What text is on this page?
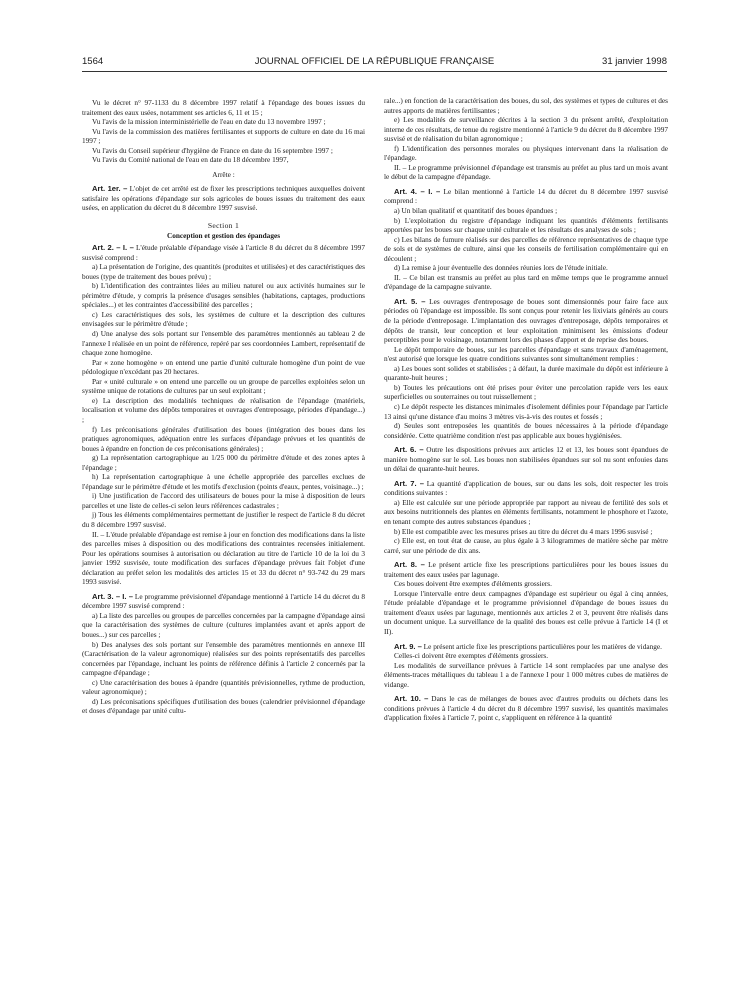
1564	JOURNAL OFFICIEL DE LA RÉPUBLIQUE FRANÇAISE	31 janvier 1998

Vu le décret n° 97-1133 du 8 décembre 1997 relatif à l'épandage des boues issues du traitement des eaux usées, notamment ses articles 6, 11 et 15 ;

Vu l'avis de la mission interministérielle de l'eau en date du 13 novembre 1997 ;

Vu l'avis de la commission des matières fertilisantes et supports de culture en date du 16 mai 1997 ;

Vu l'avis du Conseil supérieur d'hygiène de France en date du 16 septembre 1997 ;

Vu l'avis du Comité national de l'eau en date du 18 décembre 1997,

Arrête :

Art. 1er. – L'objet de cet arrêté est de fixer les prescriptions techniques auxquelles doivent satisfaire les opérations d'épandage sur sols agricoles de boues issues du traitement des eaux usées, en application du décret du 8 décembre 1997 susvisé.

Section 1

Conception et gestion des épandages

Art. 2. – I. – L'étude préalable d'épandage visée à l'article 8 du décret du 8 décembre 1997 susvisé comprend :

a) La présentation de l'origine, des quantités (produites et utilisées) et des caractéristiques des boues (type de traitement des boues prévu) ;

b) L'identification des contraintes liées au milieu naturel ou aux activités humaines sur le périmètre d'étude, y compris la présence d'usages sensibles (habitations, captages, productions spéciales...) et les contraintes d'accessibilité des parcelles ;

c) Les caractéristiques des sols, les systèmes de culture et la description des cultures envisagées sur le périmètre d'étude ;

d) Une analyse des sols portant sur l'ensemble des paramètres mentionnés au tableau 2 de l'annexe I réalisée en un point de référence, repéré par ses coordonnées Lambert, représentatif de chaque zone homogène.

Par « zone homogène » on entend une partie d'unité culturale homogène d'un point de vue pédologique n'excédant pas 20 hectares.

Par « unité culturale » on entend une parcelle ou un groupe de parcelles exploitées selon un système unique de rotations de cultures par un seul exploitant ;

e) La description des modalités techniques de réalisation de l'épandage (matériels, localisation et volume des dépôts temporaires et ouvrages d'entreposage, périodes d'épandage...) ;

f) Les préconisations générales d'utilisation des boues (intégration des boues dans les pratiques agronomiques, adéquation entre les surfaces d'épandage prévues et les quantités de boues à épandre en fonction de ces préconisations générales) ;

g) La représentation cartographique au 1/25 000 du périmètre d'étude et des zones aptes à l'épandage ;

h) La représentation cartographique à une échelle appropriée des parcelles exclues de l'épandage sur le périmètre d'étude et les motifs d'exclusion (points d'eaux, pentes, voisinage...) ;

i) Une justification de l'accord des utilisateurs de boues pour la mise à disposition de leurs parcelles et une liste de celles-ci selon leurs références cadastrales ;

j) Tous les éléments complémentaires permettant de justifier le respect de l'article 8 du décret du 8 décembre 1997 susvisé.

II. – L'étude préalable d'épandage est remise à jour en fonction des modifications dans la liste des parcelles mises à disposition ou des modifications des contraintes recensées initialement. Pour les opérations soumises à autorisation ou déclaration au titre de l'article 10 de la loi du 3 janvier 1992 susvisée, toute modification des surfaces d'épandage prévues fait l'objet d'une déclaration au préfet selon les modalités des articles 15 et 33 du décret n° 93-742 du 29 mars 1993 susvisé.

Art. 3. – I. – Le programme prévisionnel d'épandage mentionné à l'article 14 du décret du 8 décembre 1997 susvisé comprend :

a) La liste des parcelles ou groupes de parcelles concernées par la campagne d'épandage ainsi que la caractérisation des systèmes de culture (cultures implantées avant et après apport de boues...) sur ces parcelles ;

b) Des analyses des sols portant sur l'ensemble des paramètres mentionnés en annexe III (Caractérisation de la valeur agronomique) réalisées sur des points représentatifs des parcelles concernées par l'épandage, incluant les points de référence définis à l'article 2 concernés par la campagne d'épandage ;

c) Une caractérisation des boues à épandre (quantités prévisionnelles, rythme de production, valeur agronomique) ;

d) Les préconisations spécifiques d'utilisation des boues (calendrier prévisionnel d'épandage et doses d'épandage par unité cultu-

rale...) en fonction de la caractérisation des boues, du sol, des systèmes et types de cultures et des autres apports de matières fertilisantes ;

e) Les modalités de surveillance décrites à la section 3 du présent arrêté, d'exploitation interne de ces résultats, de tenue du registre mentionné à l'article 9 du décret du 8 décembre 1997 susvisé et de réalisation du bilan agronomique ;

f) L'identification des personnes morales ou physiques intervenant dans la réalisation de l'épandage.

II. – Le programme prévisionnel d'épandage est transmis au préfet au plus tard un mois avant le début de la campagne d'épandage.

Art. 4. – I. – Le bilan mentionné à l'article 14 du décret du 8 décembre 1997 susvisé comprend :

a) Un bilan qualitatif et quantitatif des boues épandues ;

b) L'exploitation du registre d'épandage indiquant les quantités d'éléments fertilisants apportées par les boues sur chaque unité culturale et les résultats des analyses de sols ;

c) Les bilans de fumure réalisés sur des parcelles de référence représentatives de chaque type de sols et de systèmes de culture, ainsi que les conseils de fertilisation complémentaire qui en découlent ;

d) La remise à jour éventuelle des données réunies lors de l'étude initiale.

II. – Ce bilan est transmis au préfet au plus tard en même temps que le programme annuel d'épandage de la campagne suivante.

Art. 5. – Les ouvrages d'entreposage de boues sont dimensionnés pour faire face aux périodes où l'épandage est impossible. Ils sont conçus pour retenir les lixiviats générés au cours de la période d'entreposage. L'implantation des ouvrages d'entreposage, dépôts temporaires et dépôts de transit, leur conception et leur exploitation minimisent les émissions d'odeur perceptibles pour le voisinage, notamment lors des phases d'apport et de reprise des boues.

Le dépôt temporaire de boues, sur les parcelles d'épandage et sans travaux d'aménagement, n'est autorisé que lorsque les quatre conditions suivantes sont simultanément remplies :

a) Les boues sont solides et stabilisées ; à défaut, la durée maximale du dépôt est inférieure à quarante-huit heures ;

b) Toutes les précautions ont été prises pour éviter une percolation rapide vers les eaux superficielles ou souterraines ou tout ruissellement ;

c) Le dépôt respecte les distances minimales d'isolement définies pour l'épandage par l'article 13 ainsi qu'une distance d'au moins 3 mètres vis-à-vis des routes et fossés ;

d) Seules sont entreposées les quantités de boues nécessaires à la période d'épandage considérée. Cette quatrième condition n'est pas applicable aux boues hygiénisées.

Art. 6. – Outre les dispositions prévues aux articles 12 et 13, les boues sont épandues de manière homogène sur le sol. Les boues non stabilisées épandues sur sol nu sont enfouies dans un délai de quarante-huit heures.

Art. 7. – La quantité d'application de boues, sur ou dans les sols, doit respecter les trois conditions suivantes :

a) Elle est calculée sur une période appropriée par rapport au niveau de fertilité des sols et aux besoins nutritionnels des plantes en éléments fertilisants, notamment le phosphore et l'azote, en tenant compte des autres substances épandues ;

b) Elle est compatible avec les mesures prises au titre du décret du 4 mars 1996 susvisé ;

c) Elle est, en tout état de cause, au plus égale à 3 kilogrammes de matière sèche par mètre carré, sur une période de dix ans.

Art. 8. – Le présent article fixe les prescriptions particulières pour les boues issues du traitement des eaux usées par lagunage.

Ces boues doivent être exemptes d'éléments grossiers.

Lorsque l'intervalle entre deux campagnes d'épandage est supérieur ou égal à cinq années, l'étude préalable d'épandage et le programme prévisionnel d'épandage de boues issues du traitement d'eaux usées par lagunage, mentionnés aux articles 2 et 3, peuvent être réalisés dans un document unique. La surveillance de la qualité des boues est celle prévue à l'article 14 (I et II).

Art. 9. – Le présent article fixe les prescriptions particulières pour les matières de vidange.

Celles-ci doivent être exemptes d'éléments grossiers.

Les modalités de surveillance prévues à l'article 14 sont remplacées par une analyse des éléments-traces métalliques du tableau 1 a de l'annexe I pour 1 000 mètres cubes de matières de vidange.

Art. 10. – Dans le cas de mélanges de boues avec d'autres produits ou déchets dans les conditions prévues à l'article 4 du décret du 8 décembre 1997 susvisé, les quantités maximales d'application fixées à l'article 7, point c, s'appliquent en référence à la quantité
